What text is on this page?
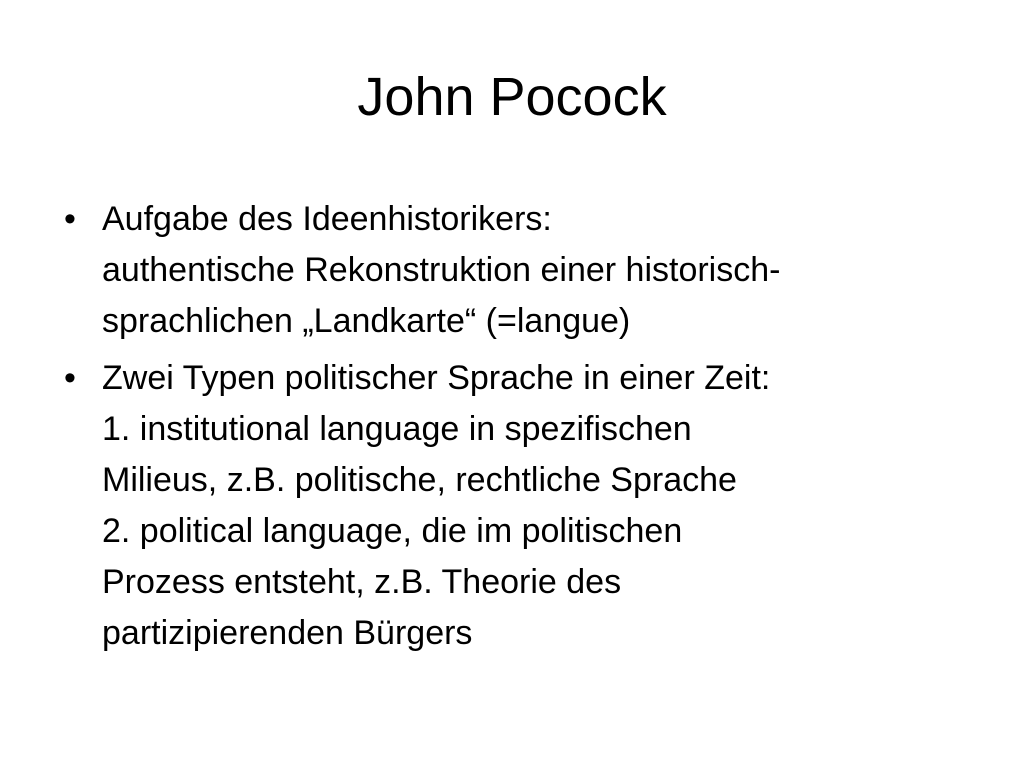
John Pocock
• Aufgabe des Ideenhistorikers:
authentische Rekonstruktion einer historisch-
sprachlichen „Landkarte“ (=langue)
• Zwei Typen politischer Sprache in einer Zeit:
1. institutional language in spezifischen
Milieus, z.B. politische, rechtliche Sprache
2. political language, die im politischen
Prozess entsteht, z.B. Theorie des
partizipierenden Bürgers
